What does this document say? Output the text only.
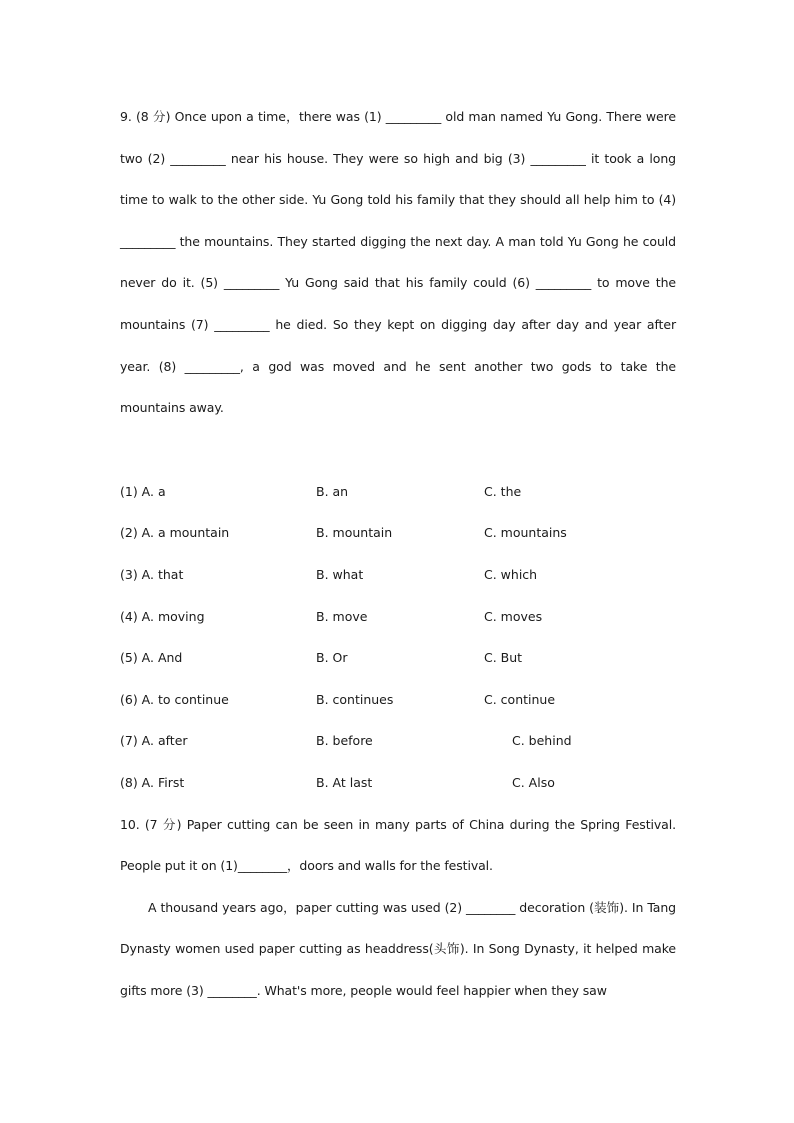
9. (8 分) Once upon a time，there was (1) _________ old man named Yu Gong. There were two (2) _________ near his house. They were so high and big (3) _________ it took a long time to walk to the other side. Yu Gong told his family that they should all help him to (4) _________ the mountains. They started digging the next day. A man told Yu Gong he could never do it. (5) _________ Yu Gong said that his family could (6) _________ to move the mountains (7) _________ he died. So they kept on digging day after day and year after year. (8) _________, a god was moved and he sent another two gods to take the mountains away.

(1) A. a	B. an	C. the
(2) A. a mountain	B. mountain	C. mountains
(3) A. that	B. what	C. which
(4) A. moving	B. move	C. moves
(5) A. And	B. Or	C. But
(6) A. to continue	B. continues	C. continue
(7) A. after	B. before	C. behind
(8) A. First	B. At last	C. Also

10. (7 分) Paper cutting can be seen in many parts of China during the Spring Festival. People put it on (1)________，doors and walls for the festival.

A thousand years ago，paper cutting was used (2) ________ decoration (装饰). In Tang Dynasty women used paper cutting as headdress(头饰). In Song Dynasty, it helped make gifts more (3) ________. What's more, people would feel happier when they saw
